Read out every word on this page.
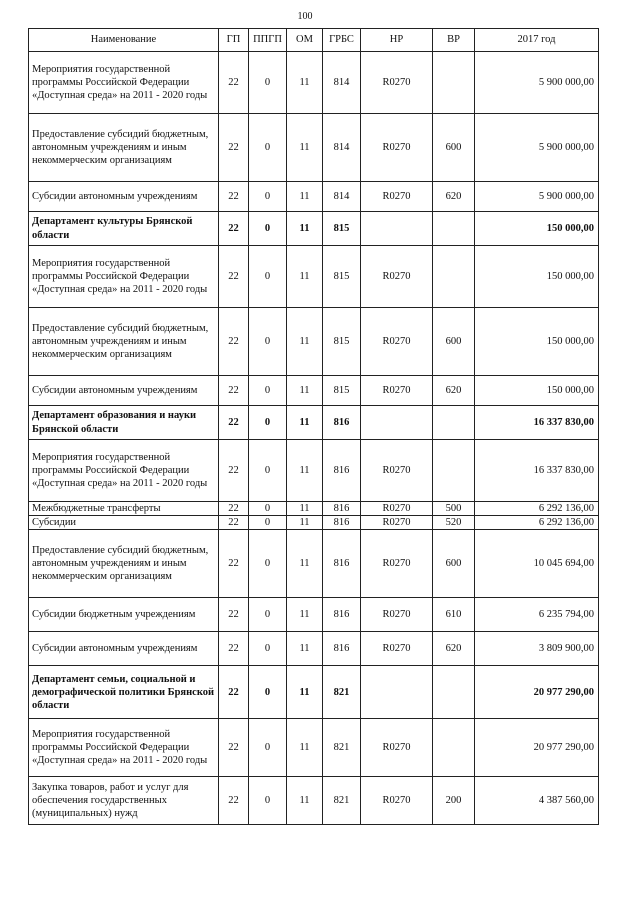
100
Наименование	ГП	ППГП	ОМ	ГРБС	НР	ВР	2017 год
Мероприятия государственной программы Российской Федерации «Доступная среда» на 2011 - 2020 годы	22	0	11	814	R0270		5 900 000,00
Предоставление субсидий бюджетным, автономным учреждениям и иным некоммерческим организациям	22	0	11	814	R0270	600	5 900 000,00
Субсидии автономным учреждениям	22	0	11	814	R0270	620	5 900 000,00
Департамент культуры Брянской области	22	0	11	815			150 000,00
Мероприятия государственной программы Российской Федерации «Доступная среда» на 2011 - 2020 годы	22	0	11	815	R0270		150 000,00
Предоставление субсидий бюджетным, автономным учреждениям и иным некоммерческим организациям	22	0	11	815	R0270	600	150 000,00
Субсидии автономным учреждениям	22	0	11	815	R0270	620	150 000,00
Департамент образования и науки Брянской области	22	0	11	816			16 337 830,00
Мероприятия государственной программы Российской Федерации «Доступная среда» на 2011 - 2020 годы	22	0	11	816	R0270		16 337 830,00
Межбюджетные трансферты	22	0	11	816	R0270	500	6 292 136,00
Субсидии	22	0	11	816	R0270	520	6 292 136,00
Предоставление субсидий бюджетным, автономным учреждениям и иным некоммерческим организациям	22	0	11	816	R0270	600	10 045 694,00
Субсидии бюджетным учреждениям	22	0	11	816	R0270	610	6 235 794,00
Субсидии автономным учреждениям	22	0	11	816	R0270	620	3 809 900,00
Департамент семьи, социальной и демографической политики Брянской области	22	0	11	821			20 977 290,00
Мероприятия государственной программы Российской Федерации «Доступная среда» на 2011 - 2020 годы	22	0	11	821	R0270		20 977 290,00
Закупка товаров, работ и услуг для обеспечения государственных (муниципальных) нужд	22	0	11	821	R0270	200	4 387 560,00
